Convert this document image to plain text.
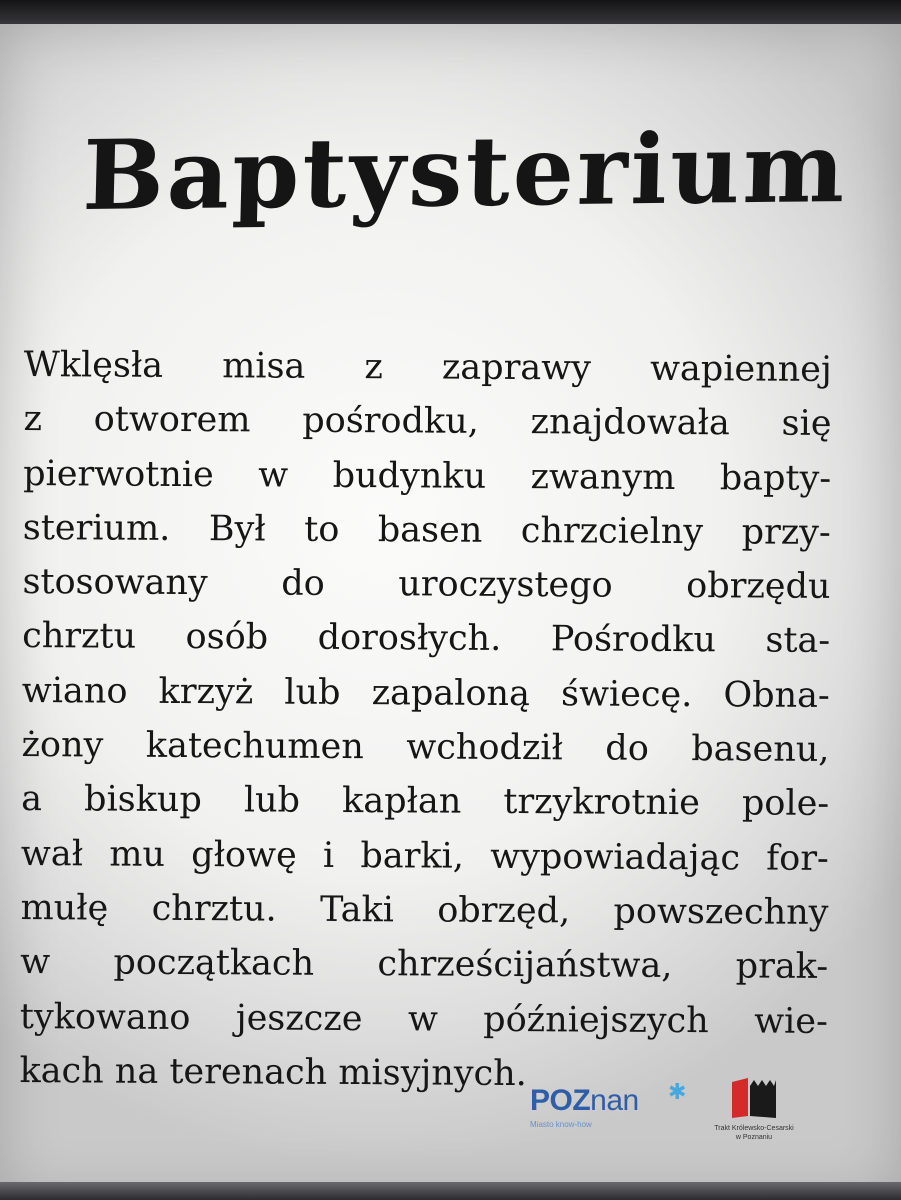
Baptysterium
Wklęsła misa z zaprawy wapiennej
z otworem pośrodku, znajdowała się
pierwotnie w budynku zwanym bapty-
sterium. Był to basen chrzcielny przy-
stosowany do uroczystego obrzędu
chrztu osób dorosłych. Pośrodku sta-
wiano krzyż lub zapaloną świecę. Obna-
żony katechumen wchodził do basenu,
a biskup lub kapłan trzykrotnie pole-
wał mu głowę i barki, wypowiadając for-
mułę chrztu. Taki obrzęd, powszechny
w początkach chrześcijaństwa, prak-
tykowano jeszcze w późniejszych wie-
kach na terenach misyjnych.
POZnan	✱
Miasto know-how	Trakt Królewsko-Cesarski
w Poznaniu
